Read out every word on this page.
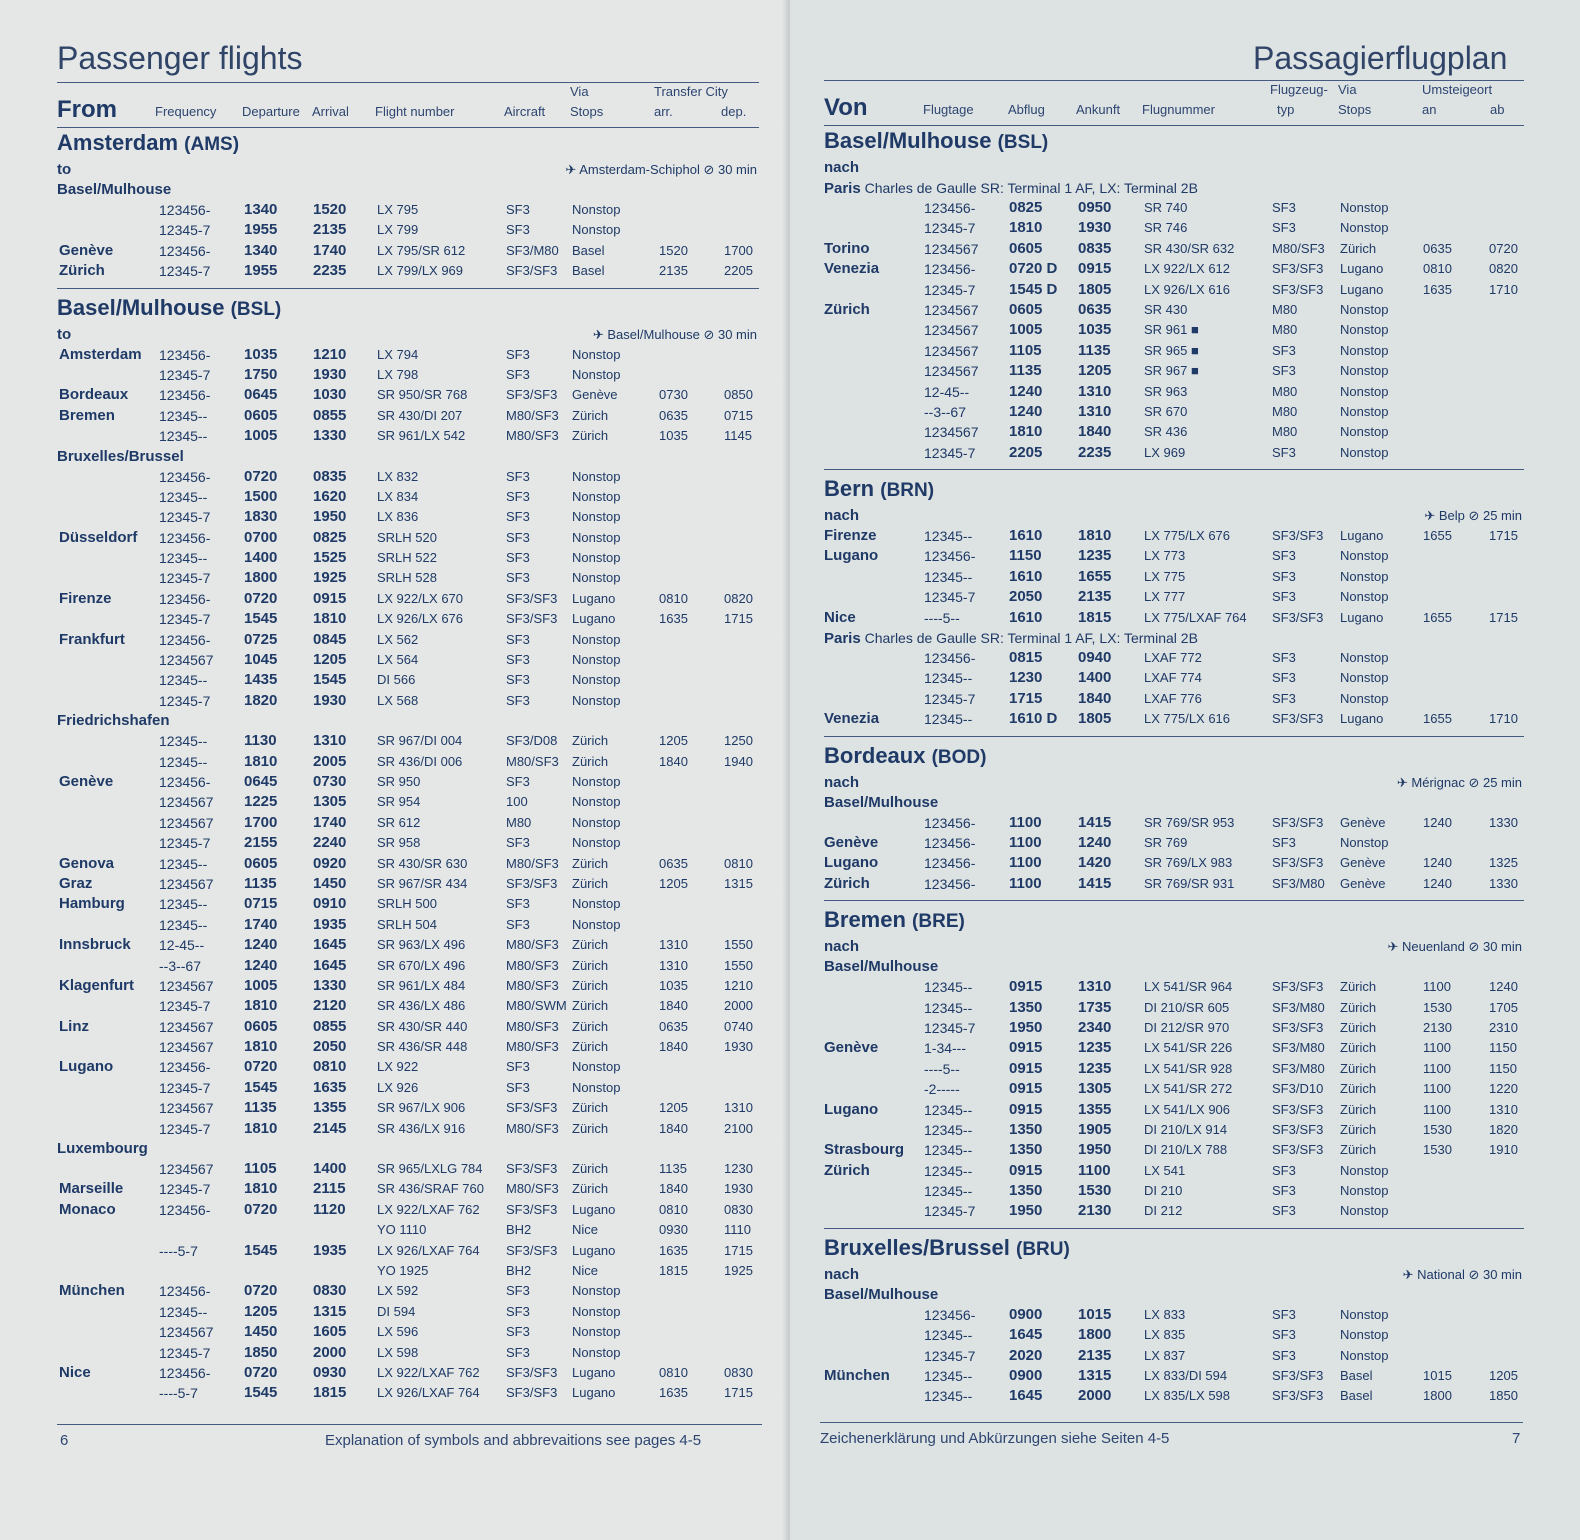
Passenger flights
From	Frequency Departure Arrival Flight number	Aircraft
Via
Stops
Transfer City
arr.	dep.
Amsterdam (AMS)
to	✈ Amsterdam-Schiphol ⊘ 30 min
Basel/Mulhouse
123456- 1340 1520 LX 795	SF3	Nonstop
12345-7 1955 2135 LX 799	SF3	Nonstop
Genève	123456- 1340 1740 LX 795/SR 612	SF3/M80 Basel	1520	1700
Zürich	12345-7 1955 2235 LX 799/LX 969	SF3/SF3 Basel	2135	2205
Basel/Mulhouse (BSL)
to	✈ Basel/Mulhouse ⊘ 30 min
Amsterdam 123456- 1035 1210 LX 794	SF3	Nonstop
12345-7 1750 1930 LX 798	SF3	Nonstop
Bordeaux 123456- 0645 1030 SR 950/SR 768	SF3/SF3 Genève	0730	0850
Bremen	12345-- 0605 0855 SR 430/DI 207	M80/SF3 Zürich	0635	0715
12345-- 1005 1330 SR 961/LX 542	M80/SF3 Zürich	1035	1145
Bruxelles/Brussel
123456- 0720 0835 LX 832	SF3	Nonstop
12345-- 1500 1620 LX 834	SF3	Nonstop
12345-7 1830 1950 LX 836	SF3	Nonstop
Düsseldorf 123456- 0700 0825 SRLH 520	SF3	Nonstop
12345-- 1400 1525 SRLH 522	SF3	Nonstop
12345-7 1800 1925 SRLH 528	SF3	Nonstop
Firenze	123456- 0720 0915 LX 922/LX 670	SF3/SF3 Lugano	0810	0820
12345-7 1545 1810 LX 926/LX 676	SF3/SF3 Lugano	1635	1715
Frankfurt 123456- 0725 0845 LX 562	SF3	Nonstop
1234567 1045 1205 LX 564	SF3	Nonstop
12345-- 1435 1545 DI 566	SF3	Nonstop
12345-7 1820 1930 LX 568	SF3	Nonstop
Friedrichshafen
12345-- 1130 1310 SR 967/DI 004	SF3/D08 Zürich	1205	1250
12345-- 1810 2005 SR 436/DI 006	M80/SF3 Zürich	1840	1940
Genève	123456- 0645 0730 SR 950	SF3	Nonstop
1234567 1225 1305 SR 954	100	Nonstop
1234567 1700 1740 SR 612	M80	Nonstop
12345-7 2155 2240 SR 958	SF3	Nonstop
Genova	12345-- 0605 0920 SR 430/SR 630	M80/SF3 Zürich	0635	0810
Graz	1234567 1135 1450 SR 967/SR 434	SF3/SF3 Zürich	1205	1315
Hamburg 12345-- 0715 0910 SRLH 500	SF3	Nonstop
12345-- 1740 1935 SRLH 504	SF3	Nonstop
Innsbruck 12-45--	1240 1645 SR 963/LX 496	M80/SF3 Zürich	1310	1550
--3--67	1240 1645 SR 670/LX 496	M80/SF3 Zürich	1310	1550
Klagenfurt 1234567 1005 1330 SR 961/LX 484	M80/SF3 Zürich	1035	1210
12345-7 1810 2120 SR 436/LX 486	M80/SWM Zürich	1840	2000
Linz	1234567 0605 0855 SR 430/SR 440	M80/SF3 Zürich	0635	0740
1234567 1810 2050 SR 436/SR 448	M80/SF3 Zürich	1840	1930
Lugano	123456- 0720 0810 LX 922	SF3	Nonstop
12345-7 1545 1635 LX 926	SF3	Nonstop
1234567 1135 1355 SR 967/LX 906	SF3/SF3 Zürich	1205	1310
12345-7 1810 2145 SR 436/LX 916	M80/SF3 Zürich	1840	2100
Luxembourg
1234567 1105 1400 SR 965/LXLG 784 SF3/SF3 Zürich	1135	1230
Marseille	12345-7 1810 2115 SR 436/SRAF 760 M80/SF3 Zürich	1840	1930
Monaco	123456- 0720 1120 LX 922/LXAF 762 SF3/SF3 Lugano	0810	0830
YO 1110	BH2	Nice	0930	1110
----5-7	1545 1935 LX 926/LXAF 764 SF3/SF3 Lugano	1635	1715
YO 1925	BH2	Nice	1815	1925
München 123456- 0720 0830 LX 592	SF3	Nonstop
12345-- 1205 1315 DI 594	SF3	Nonstop
1234567 1450 1605 LX 596	SF3	Nonstop
12345-7 1850 2000 LX 598	SF3	Nonstop
Nice	123456- 0720 0930 LX 922/LXAF 762 SF3/SF3 Lugano	0810	0830
----5-7	1545 1815 LX 926/LXAF 764 SF3/SF3 Lugano	1635	1715
6	Explanation of symbols and abbrevaitions see pages 4-5
Passagierflugplan
Von	Flugtage	Abflug Ankunft Flugnummer
Flugzeug-
typ
Via
Stops
Umsteigeort
an	ab
Basel/Mulhouse (BSL)
nach
Paris Charles de Gaulle SR: Terminal 1 AF, LX: Terminal 2B
123456- 0825 0950	SR 740	SF3	Nonstop
12345-7 1810 1930	SR 746	SF3	Nonstop
Torino	1234567 0605 0835	SR 430/SR 632	M80/SF3 Zürich	0635	0720
Venezia	123456- 0720 D 0915	LX 922/LX 612	SF3/SF3 Lugano	0810	0820
12345-7 1545 D 1805	LX 926/LX 616	SF3/SF3 Lugano	1635	1710
Zürich	1234567 0605 0635	SR 430	M80	Nonstop
1234567 1005 1035	SR 961 ■	M80	Nonstop
1234567 1105 1135	SR 965 ■	SF3	Nonstop
1234567 1135 1205	SR 967 ■	SF3	Nonstop
12-45--	1240 1310	SR 963	M80	Nonstop
--3--67	1240 1310	SR 670	M80	Nonstop
1234567 1810 1840	SR 436	M80	Nonstop
12345-7 2205 2235	LX 969	SF3	Nonstop
Bern (BRN)
nach	✈ Belp ⊘ 25 min
Firenze	12345-- 1610 1810	LX 775/LX 676	SF3/SF3 Lugano	1655	1715
Lugano	123456- 1150 1235	LX 773	SF3	Nonstop
12345-- 1610 1655	LX 775	SF3	Nonstop
12345-7 2050 2135	LX 777	SF3	Nonstop
Nice	----5--	1610 1815	LX 775/LXAF 764 SF3/SF3 Lugano	1655	1715
Paris Charles de Gaulle SR: Terminal 1 AF, LX: Terminal 2B
123456- 0815 0940	LXAF 772	SF3	Nonstop
12345-- 1230 1400	LXAF 774	SF3	Nonstop
12345-7 1715 1840	LXAF 776	SF3	Nonstop
Venezia	12345-- 1610 D 1805	LX 775/LX 616	SF3/SF3 Lugano	1655	1710
Bordeaux (BOD)
nach	✈ Mérignac ⊘ 25 min
Basel/Mulhouse
123456- 1100 1415	SR 769/SR 953	SF3/SF3 Genève	1240	1330
Genève	123456- 1100 1240	SR 769	SF3	Nonstop
Lugano	123456- 1100 1420	SR 769/LX 983	SF3/SF3 Genève	1240	1325
Zürich	123456- 1100 1415	SR 769/SR 931	SF3/M80 Genève	1240	1330
Bremen (BRE)
nach	✈ Neuenland ⊘ 30 min
Basel/Mulhouse
12345-- 0915 1310	LX 541/SR 964	SF3/SF3 Zürich	1100	1240
12345-- 1350 1735	DI 210/SR 605	SF3/M80 Zürich	1530	1705
12345-7 1950 2340	DI 212/SR 970	SF3/SF3 Zürich	2130	2310
Genève	1-34---	0915 1235	LX 541/SR 226	SF3/M80 Zürich	1100	1150
----5--	0915 1235	LX 541/SR 928	SF3/M80 Zürich	1100	1150
-2-----	0915 1305	LX 541/SR 272	SF3/D10 Zürich	1100	1220
Lugano	12345-- 0915 1355	LX 541/LX 906	SF3/SF3 Zürich	1100	1310
12345-- 1350 1905	DI 210/LX 914	SF3/SF3 Zürich	1530	1820
Strasbourg 12345-- 1350 1950	DI 210/LX 788	SF3/SF3 Zürich	1530	1910
Zürich	12345-- 0915 1100	LX 541	SF3	Nonstop
12345-- 1350 1530	DI 210	SF3	Nonstop
12345-7 1950 2130	DI 212	SF3	Nonstop
Bruxelles/Brussel (BRU)
nach	✈ National ⊘ 30 min
Basel/Mulhouse
123456- 0900 1015	LX 833	SF3	Nonstop
12345-- 1645 1800	LX 835	SF3	Nonstop
12345-7 2020 2135	LX 837	SF3	Nonstop
München 12345-- 0900 1315	LX 833/DI 594	SF3/SF3 Basel	1015	1205
12345-- 1645 2000	LX 835/LX 598	SF3/SF3 Basel	1800	1850
Zeichenerklärung und Abkürzungen siehe Seiten 4-5	7
